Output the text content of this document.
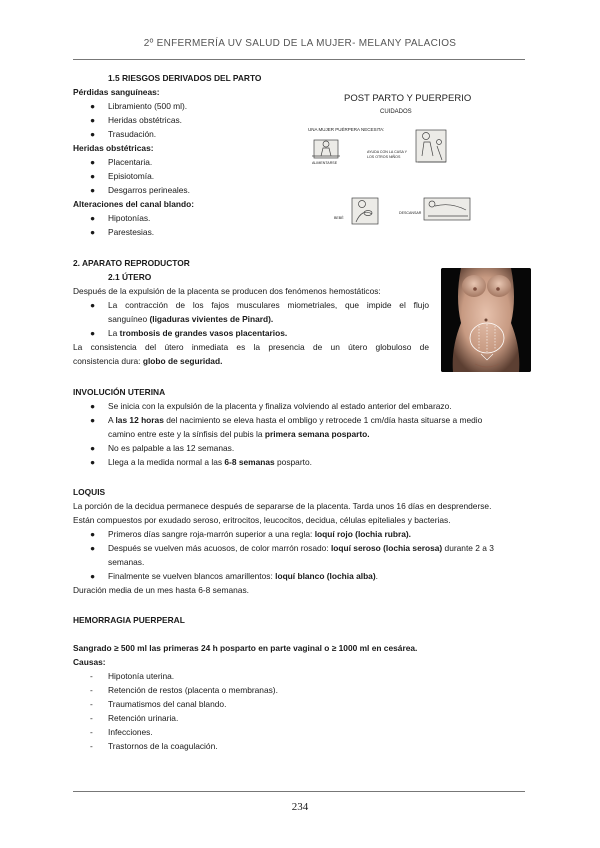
2º ENFERMERÍA UV SALUD DE LA MUJER- MELANY PALACIOS
1.5 RIESGOS DERIVADOS DEL PARTO
Pérdidas sanguíneas:
● Libramiento (500 ml).
● Heridas obstétricas.
● Trasudación.
Heridas obstétricas:
● Placentaria.
● Episiotomía.
● Desgarros perineales.
Alteraciones del canal blando:
● Hipotonías.
● Parestesias.
POST PARTO Y PUERPERIO
CUIDADOS
UNA MUJER PUÉRPERA NECESITA:
ALIMENTARSE
AYUDA CON LA CASA Y LOS OTROS NIÑOS
BEBÉ
DESCANSAR
2. APARATO REPRODUCTOR
2.1 ÚTERO
Después de la expulsión de la placenta se producen dos fenómenos hemostáticos:
● La contracción de los fajos musculares miometriales, que impide el flujo
sanguíneo (ligaduras vivientes de Pinard).
● La trombosis de grandes vasos placentarios.
La consistencia del útero inmediata es la presencia de un útero globuloso de
consistencia dura: globo de seguridad.
INVOLUCIÓN UTERINA
● Se inicia con la expulsión de la placenta y finaliza volviendo al estado anterior del embarazo.
● A las 12 horas del nacimiento se eleva hasta el ombligo y retrocede 1 cm/día hasta situarse a medio
camino entre este y la sínfisis del pubis la primera semana posparto.
● No es palpable a las 12 semanas.
● Llega a la medida normal a las 6-8 semanas posparto.
LOQUIS
La porción de la decidua permanece después de separarse de la placenta. Tarda unos 16 días en desprenderse.
Están compuestos por exudado seroso, eritrocitos, leucocitos, decidua, células epiteliales y bacterias.
● Primeros días sangre roja-marrón superior a una regla: loquí rojo (lochia rubra).
● Después se vuelven más acuosos, de color marrón rosado: loquí seroso (lochia serosa) durante 2 a 3
semanas.
● Finalmente se vuelven blancos amarillentos: loquí blanco (lochia alba).
Duración media de un mes hasta 6-8 semanas.
HEMORRAGIA PUERPERAL
Sangrado ≥ 500 ml las primeras 24 h posparto en parte vaginal o ≥ 1000 ml en cesárea.
Causas:
- Hipotonía uterina.
- Retención de restos (placenta o membranas).
- Traumatismos del canal blando.
- Retención urinaria.
- Infecciones.
- Trastornos de la coagulación.
234
